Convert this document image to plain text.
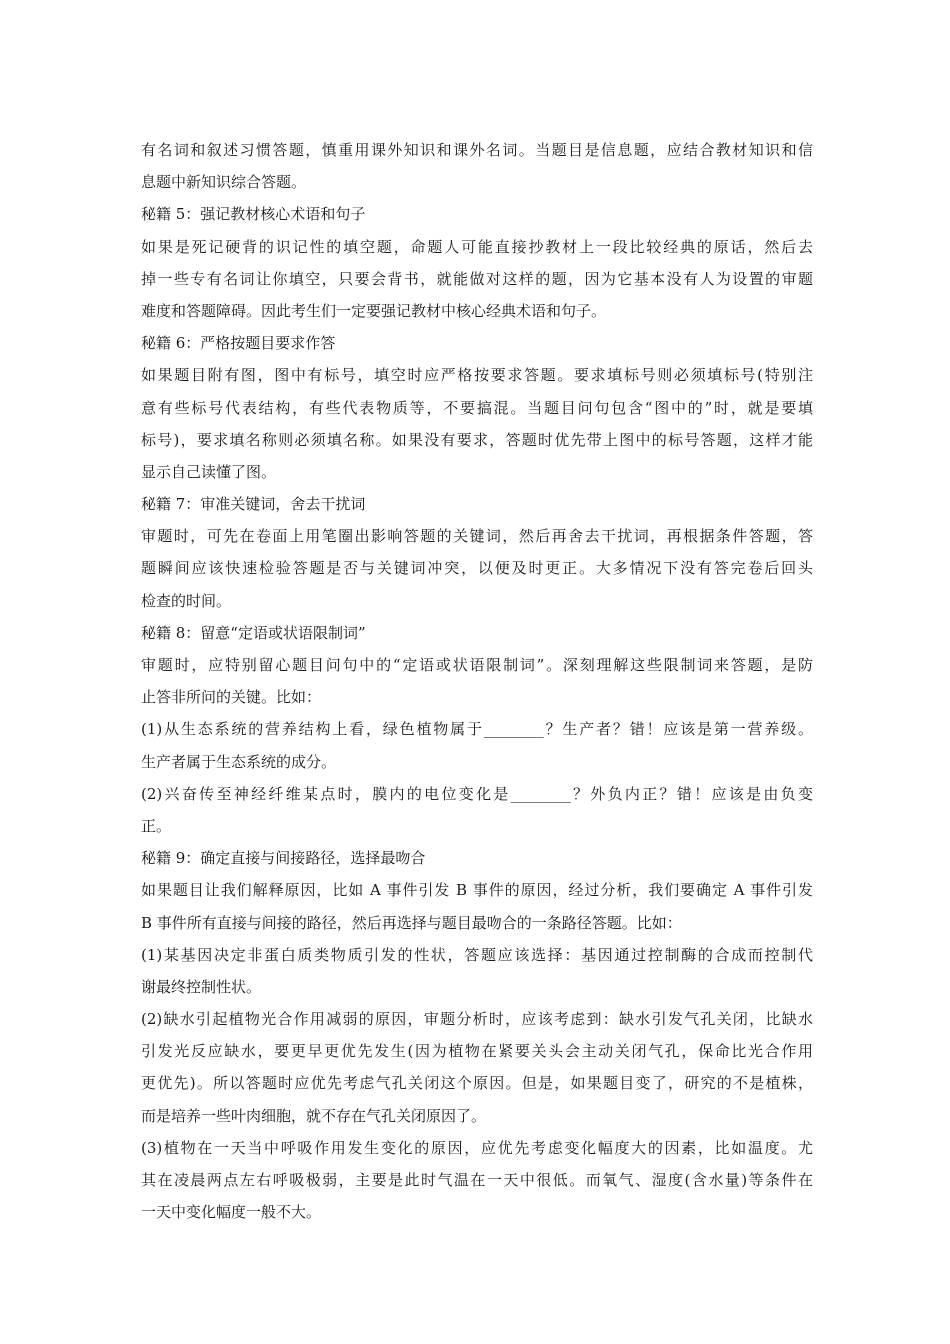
有名词和叙述习惯答题，慎重用课外知识和课外名词。当题目是信息题，应结合教材知识和信
息题中新知识综合答题。
秘籍 5：强记教材核心术语和句子
如果是死记硬背的识记性的填空题，命题人可能直接抄教材上一段比较经典的原话，然后去
掉一些专有名词让你填空，只要会背书，就能做对这样的题，因为它基本没有人为设置的审题
难度和答题障碍。因此考生们一定要强记教材中核心经典术语和句子。
秘籍 6：严格按题目要求作答
如果题目附有图，图中有标号，填空时应严格按要求答题。要求填标号则必须填标号(特别注
意有些标号代表结构，有些代表物质等，不要搞混。当题目问句包含“图中的”时，就是要填
标号)，要求填名称则必须填名称。如果没有要求，答题时优先带上图中的标号答题，这样才能
显示自己读懂了图。
秘籍 7：审准关键词，舍去干扰词
审题时，可先在卷面上用笔圈出影响答题的关键词，然后再舍去干扰词，再根据条件答题，答
题瞬间应该快速检验答题是否与关键词冲突，以便及时更正。大多情况下没有答完卷后回头
检查的时间。
秘籍 8：留意“定语或状语限制词”
审题时，应特别留心题目问句中的“定语或状语限制词”。深刻理解这些限制词来答题，是防
止答非所问的关键。比如：
(1)从生态系统的营养结构上看，绿色植物属于________？生产者？错！应该是第一营养级。
生产者属于生态系统的成分。
(2)兴奋传至神经纤维某点时，膜内的电位变化是________？外负内正？错！应该是由负变
正。
秘籍 9：确定直接与间接路径，选择最吻合
如果题目让我们解释原因，比如 A 事件引发 B 事件的原因，经过分析，我们要确定 A 事件引发
B 事件所有直接与间接的路径，然后再选择与题目最吻合的一条路径答题。比如：
(1)某基因决定非蛋白质类物质引发的性状，答题应该选择：基因通过控制酶的合成而控制代
谢最终控制性状。
(2)缺水引起植物光合作用减弱的原因，审题分析时，应该考虑到：缺水引发气孔关闭，比缺水
引发光反应缺水，要更早更优先发生(因为植物在紧要关头会主动关闭气孔，保命比光合作用
更优先)。所以答题时应优先考虑气孔关闭这个原因。但是，如果题目变了，研究的不是植株，
而是培养一些叶肉细胞，就不存在气孔关闭原因了。
(3)植物在一天当中呼吸作用发生变化的原因，应优先考虑变化幅度大的因素，比如温度。尤
其在凌晨两点左右呼吸极弱，主要是此时气温在一天中很低。而氧气、湿度(含水量)等条件在
一天中变化幅度一般不大。
